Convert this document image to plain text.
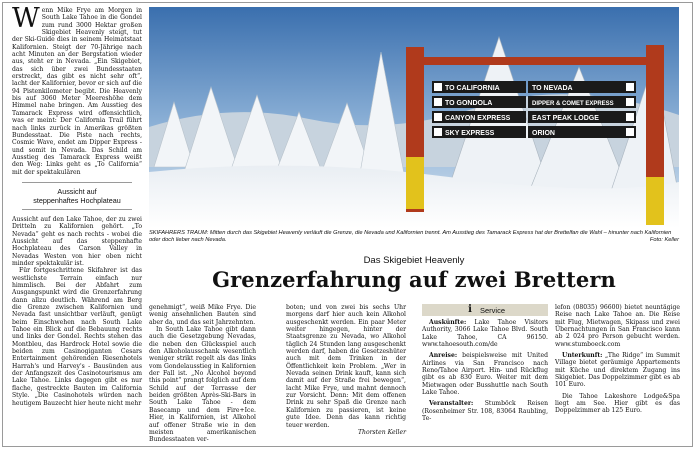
Wenn Mike Frye am Morgen in South Lake Tahoe in die Gondel zum rund 3000 Hektar großen Skigebiet Heavenly steigt, tut der Ski-Guide dies in seinem Heimatstaat Kalifornien. Steigt der 70-Jährige nach acht Minuten an der Bergstation wieder aus, steht er in Nevada. „Ein Skigebiet, das sich über zwei Bundesstaaten erstreckt, das gibt es nicht sehr oft“, lacht der Kalifornier, bevor er sich auf die 94 Pistenkilometer begibt. Die Heavenly bis auf 3060 Meter Meereshöhe dem Himmel nahe bringen. Am Ausstieg des Tamarack Express wird offensichtlich, was er meint: Der California Trail führt nach links zurück in Amerikas größten Bundesstaat. Die Piste nach rechts, Cosmic Wave, endet am Dipper Express - und somit in Nevada. Das Schild am Ausstieg des Tamarack Express weißt den Weg: Links geht es „To California“ mit der spektakulären

Aussicht auf
steppenhaftes Hochplateau

Aussicht auf den Lake Tahoe, der zu zwei Dritteln zu Kalifornien gehört. „To Nevada“ geht es nach rechts - wobei die Aussicht auf das steppenhafte Hochplateau des Carson Valley in Nevadas Westen von hier oben nicht minder spektakulär ist.

Für fortgeschrittene Skifahrer ist das westlichste Terrain einfach nur himmlisch. Bei der Abfahrt zum Ausgangspunkt wird die Grenzerfahrung dann allzu deutlich. Während am Berg die Grenze zwischen Kalifornien und Nevada fast unsichtbar verläuft, genügt beim Einschwehen nach South Lake Tahoe ein Blick auf die Bebauung rechts und links der Gondel. Rechts stehen das Montbleu, das Hardrock Hotel sowie die beiden zum Casinogiganten Cesars Entertainment gehörenden Riesenhotels Harrah's und Harvey's - Bausünden aus der Anfangszeit des Casinotourismus am Lake Tahoe. Links dagegen gibt es nur flache, gestreckte Bauten im California Style. „Die Casinohotels würden nach heutigem Bauzecht hier heute nicht mehr

TO CALIFORNIA	TO NEVADA
TO GONDOLA	DIPPER & COMET EXPRESS
CANYON EXPRESS	EAST PEAK LODGE
SKY EXPRESS	ORION

SKIFAHRERS TRAUM: Mitten durch das Skigebiet Heavenly verläuft die Grenze, die Nevada und Kalifornien trennt. Am Ausstieg des Tamarack Express hat der Brettelfan die Wahl – hinunter nach Kalifornien oder doch lieber nach Nevada.	Foto: Keller

Das Skigebiet Heavenly

Grenzerfahrung auf zwei Brettern

genehmigt“, weiß Mike Frye. Die wenig ansehnlichen Bauten sind aber da, und das seit Jahrzehnten.

In South Lake Tahoe gibt dann auch die Gesetzgebung Nevadas, die neben den Glücksspiel auch den Alkoholausschank wesentlich weniger strikt regelt als das links vom Gondelausstieg in Kalifornien der Fall ist. „No Alcohol beyond this point“ prangt folglich auf dem Schild auf der Terrasse der beiden größten Après-Ski-Bars in South Lake Tahoe - dem Basecamp und dem Fire+Ice. Hier, in Kalifornien, ist Alkohol auf offener Straße wie in den meisten amerikanischen Bundesstaaten ver-

boten; und von zwei bis sechs Uhr morgens darf hier auch kein Alkohol ausgeschenkt werden. Ein paar Meter weiter hingegen, hinter der Staatsgrenze zu Nevada, wo Alkohol täglich 24 Stunden lang ausgeschenkt werden darf, haben die Gesetzeshüter auch mit dem Trinken in der Öffentlichkeit kein Problem. „Wer in Nevada seinen Drink kauft, kann sich damit auf der Straße frei bewegen“, lacht Mike Frye, und mahnt dennoch zur Vorsicht. Denn: Mit dem offenen Drink zu sehr Spaß die Grenze nach Kalifornien zu passieren, ist keine gute Idee. Denn das kann richtig teuer werden.

Thorsten Keller

i	Service

Auskünfte: Lake Tahoe Visitors Authority, 3066 Lake Tahoe Blvd. South Lake Tahoe, CA 96150. www.tahoesouth.com/de

Anreise: beispielsweise mit United Airlines via San Francisco nach Reno/Tahoe Airport. Hin- und Rückflug gibt es ab 830 Euro. Weiter mit dem Mietwagen oder Busshuttle nach South Lake Tahoe.

Veranstalter: Stumböck Reisen (Rosenheimer Str. 108, 83064 Raubling, Te-

lefon (08035) 96600) bietet neuntägige Reise nach Lake Tahoe an. Die Reise mit Flug, Mietwagen, Skipass und zwei Übernachtungen in San Francisco kann ab 2 024 pro Person gebucht werden. www.stumboeck.com

Unterkunft: „The Ridge“ im Summit Village bietet geräumige Appartements mit Küche und direktem Zugang ins Skigebiet. Das Doppelzimmer gibt es ab 101 Euro.

Die Tahoe Lakeshore Lodge&Spa liegt am See. Hier gibt es das Doppelzimmer ab 125 Euro.
